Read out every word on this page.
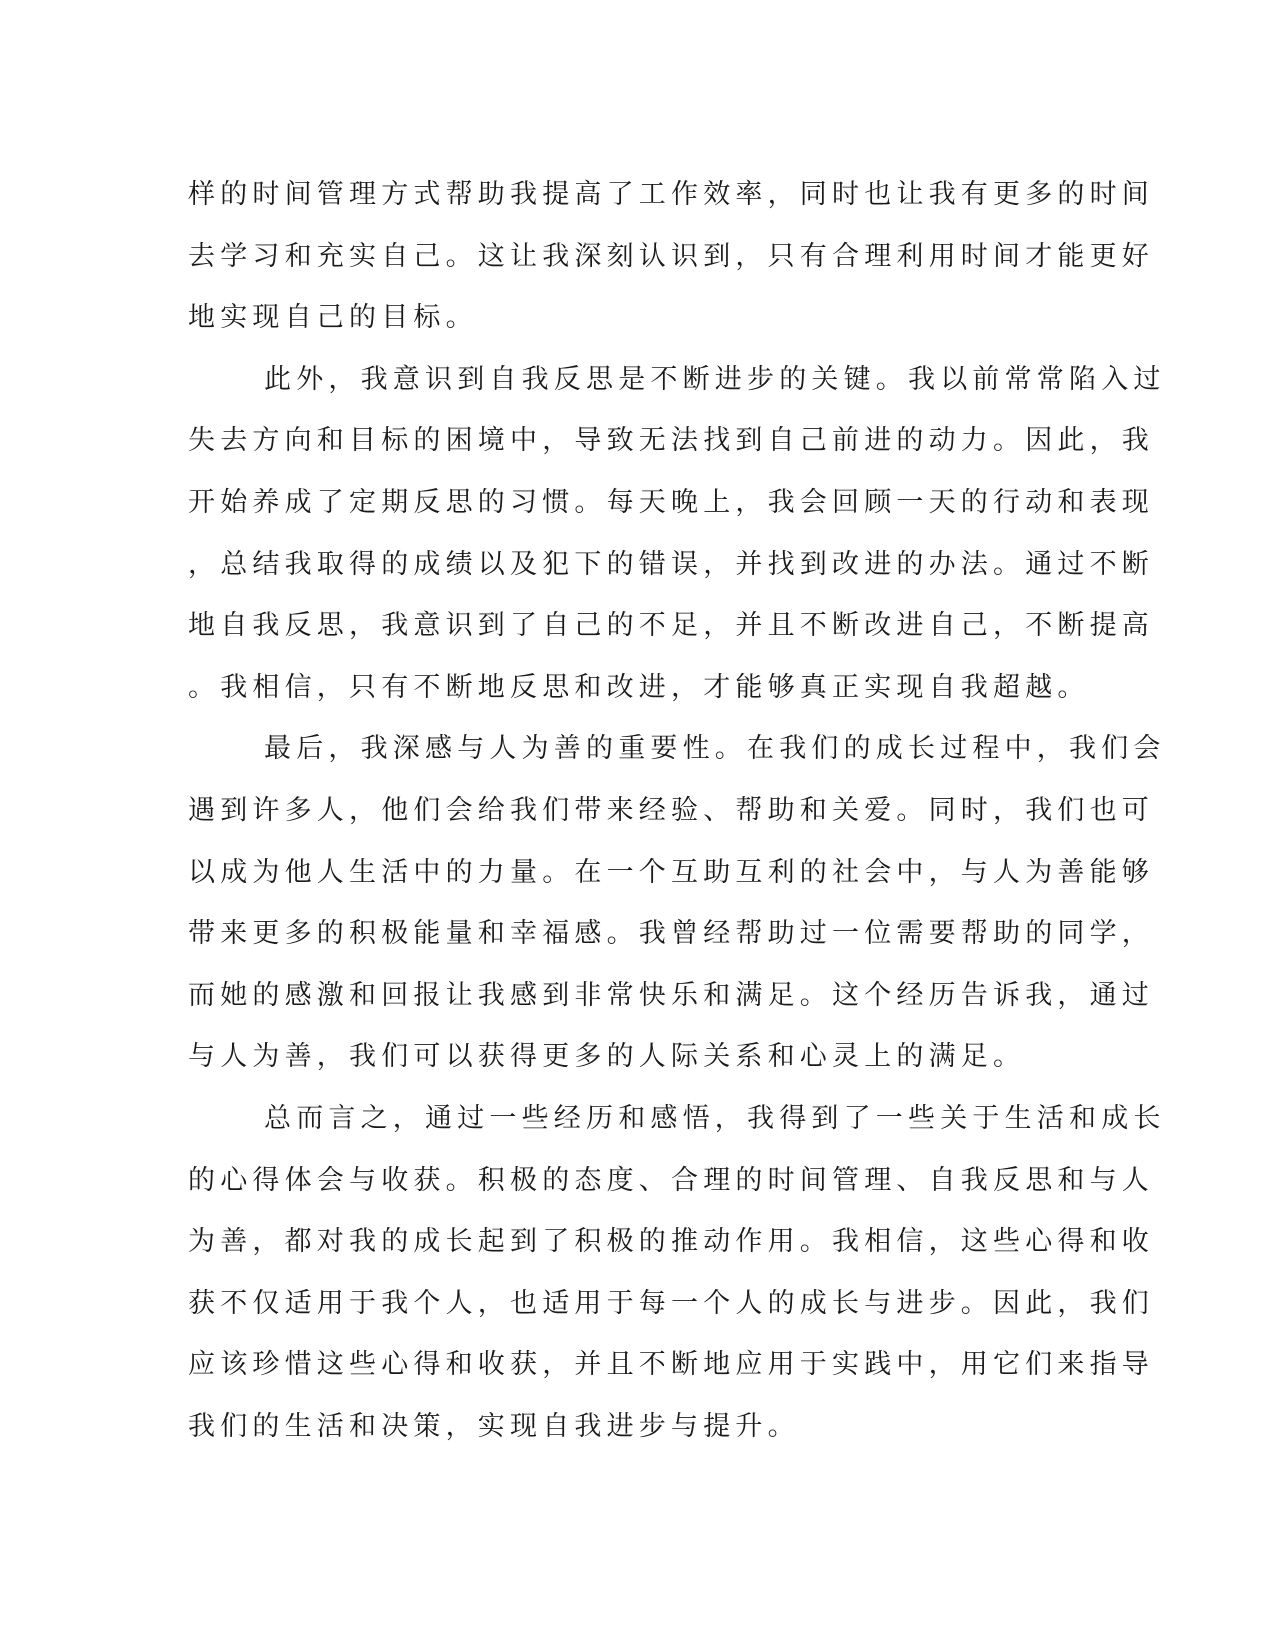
样的时间管理方式帮助我提高了工作效率，同时也让我有更多的时间
去学习和充实自己。这让我深刻认识到，只有合理利用时间才能更好
地实现自己的目标。
此外，我意识到自我反思是不断进步的关键。我以前常常陷入过
失去方向和目标的困境中，导致无法找到自己前进的动力。因此，我
开始养成了定期反思的习惯。每天晚上，我会回顾一天的行动和表现
，总结我取得的成绩以及犯下的错误，并找到改进的办法。通过不断
地自我反思，我意识到了自己的不足，并且不断改进自己，不断提高
。我相信，只有不断地反思和改进，才能够真正实现自我超越。
最后，我深感与人为善的重要性。在我们的成长过程中，我们会
遇到许多人，他们会给我们带来经验、帮助和关爱。同时，我们也可
以成为他人生活中的力量。在一个互助互利的社会中，与人为善能够
带来更多的积极能量和幸福感。我曾经帮助过一位需要帮助的同学，
而她的感激和回报让我感到非常快乐和满足。这个经历告诉我，通过
与人为善，我们可以获得更多的人际关系和心灵上的满足。
总而言之，通过一些经历和感悟，我得到了一些关于生活和成长
的心得体会与收获。积极的态度、合理的时间管理、自我反思和与人
为善，都对我的成长起到了积极的推动作用。我相信，这些心得和收
获不仅适用于我个人，也适用于每一个人的成长与进步。因此，我们
应该珍惜这些心得和收获，并且不断地应用于实践中，用它们来指导
我们的生活和决策，实现自我进步与提升。
